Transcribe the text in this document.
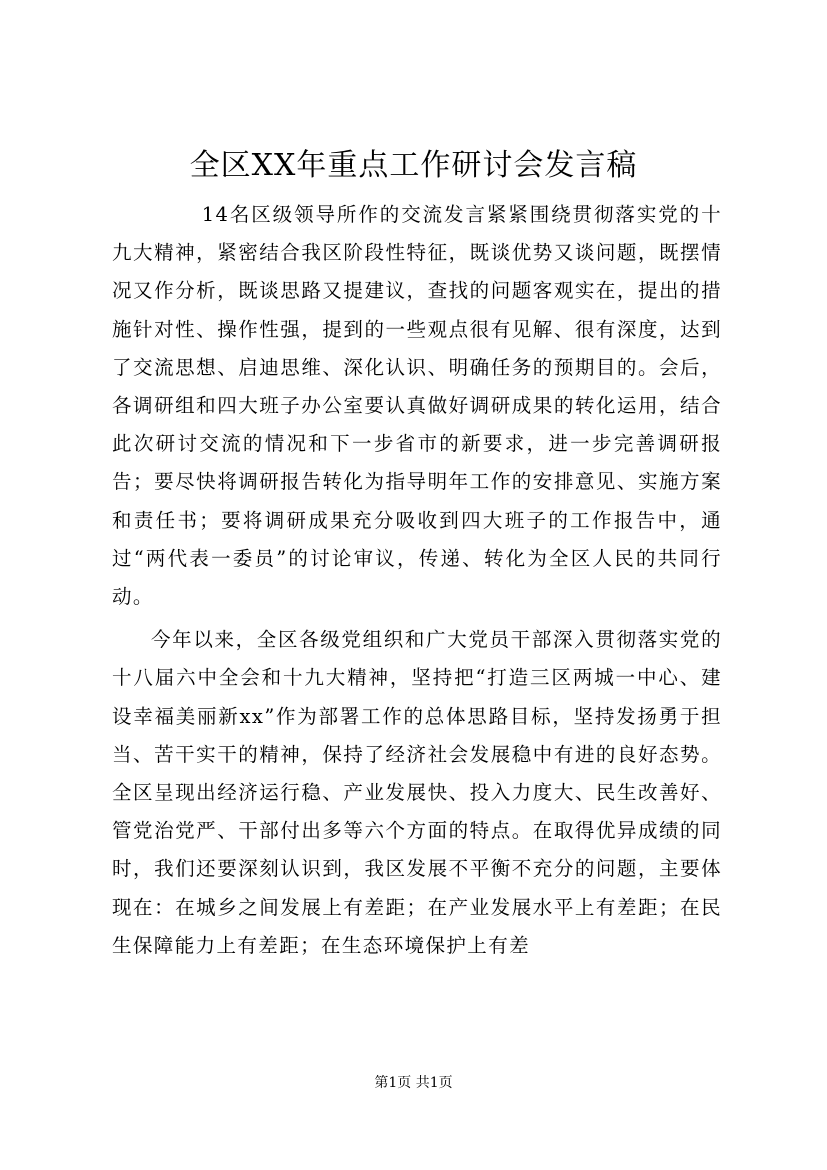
全区XX年重点工作研讨会发言稿

14名区级领导所作的交流发言紧紧围绕贯彻落实党的十九大精神，紧密结合我区阶段性特征，既谈优势又谈问题，既摆情况又作分析，既谈思路又提建议，查找的问题客观实在，提出的措施针对性、操作性强，提到的一些观点很有见解、很有深度，达到了交流思想、启迪思维、深化认识、明确任务的预期目的。会后，各调研组和四大班子办公室要认真做好调研成果的转化运用，结合此次研讨交流的情况和下一步省市的新要求，进一步完善调研报告；要尽快将调研报告转化为指导明年工作的安排意见、实施方案和责任书；要将调研成果充分吸收到四大班子的工作报告中，通过“两代表一委员”的讨论审议，传递、转化为全区人民的共同行动。

今年以来，全区各级党组织和广大党员干部深入贯彻落实党的十八届六中全会和十九大精神，坚持把“打造三区两城一中心、建设幸福美丽新xx”作为部署工作的总体思路目标，坚持发扬勇于担当、苦干实干的精神，保持了经济社会发展稳中有进的良好态势。全区呈现出经济运行稳、产业发展快、投入力度大、民生改善好、管党治党严、干部付出多等六个方面的特点。在取得优异成绩的同时，我们还要深刻认识到，我区发展不平衡不充分的问题，主要体现在：在城乡之间发展上有差距；在产业发展水平上有差距；在民生保障能力上有差距；在生态环境保护上有差

第1页 共1页
